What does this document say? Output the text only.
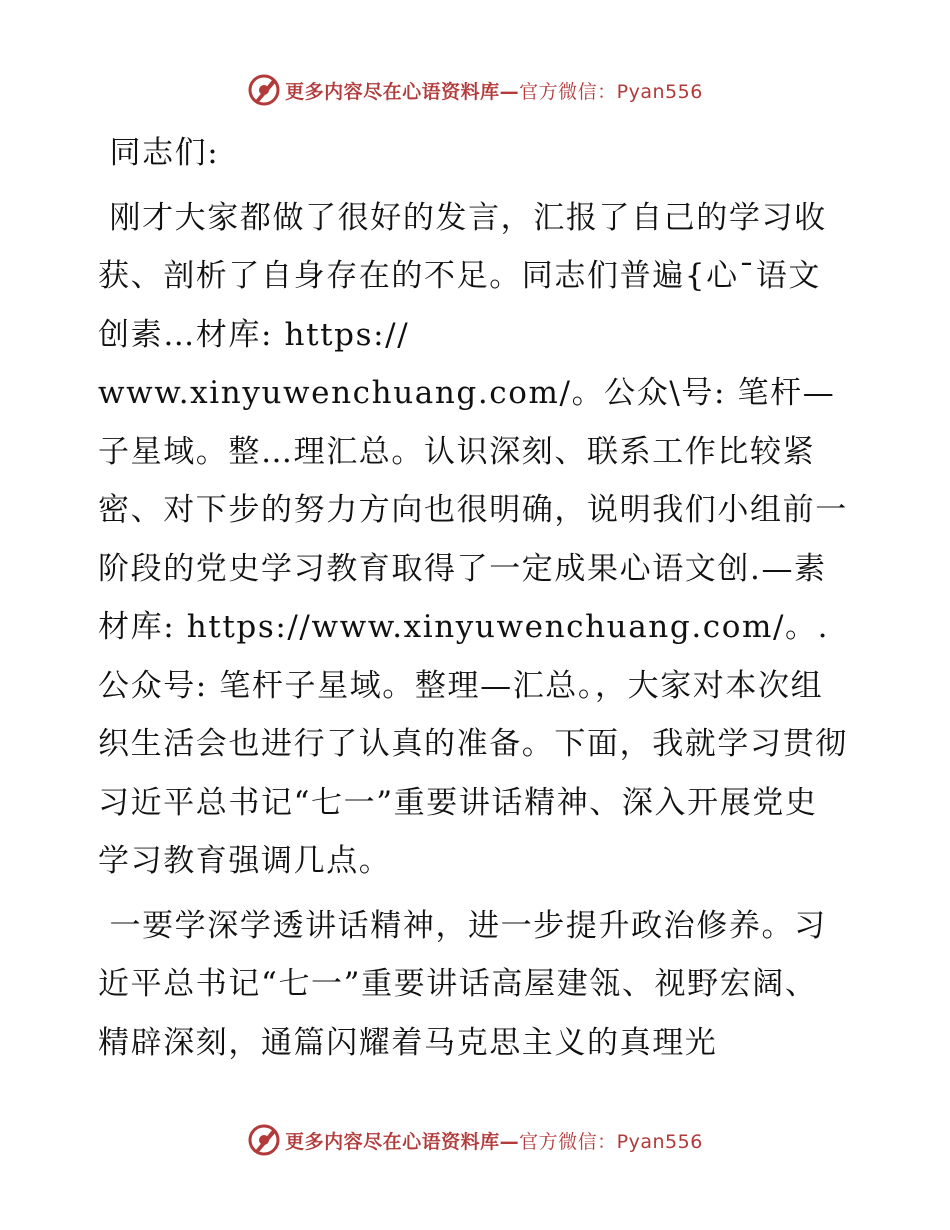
更多内容尽在心语资料库—官方微信：Pyan556

同志们:

刚才大家都做了很好的发言，汇报了自己的学习收获、剖析了自身存在的不足。同志们普遍{心¯语文创素…材库: https://
www.xinyuwenchuang.com/。公众\号: 笔杆—子星域。整…理汇总。认识深刻、联系工作比较紧密、对下步的努力方向也很明确，说明我们小组前一阶段的党史学习教育取得了一定成果心语文创.—素材库: https://www.xinyuwenchuang.com/。.公众号: 笔杆子星域。整理—汇总。，大家对本次组织生活会也进行了认真的准备。下面，我就学习贯彻习近平总书记“七一”重要讲话精神、深入开展党史学习教育强调几点。

一要学深学透讲话精神，进一步提升政治修养。习近平总书记“七一”重要讲话高屋建瓴、视野宏阔、精辟深刻，通篇闪耀着马克思主义的真理光

更多内容尽在心语资料库—官方微信：Pyan556
